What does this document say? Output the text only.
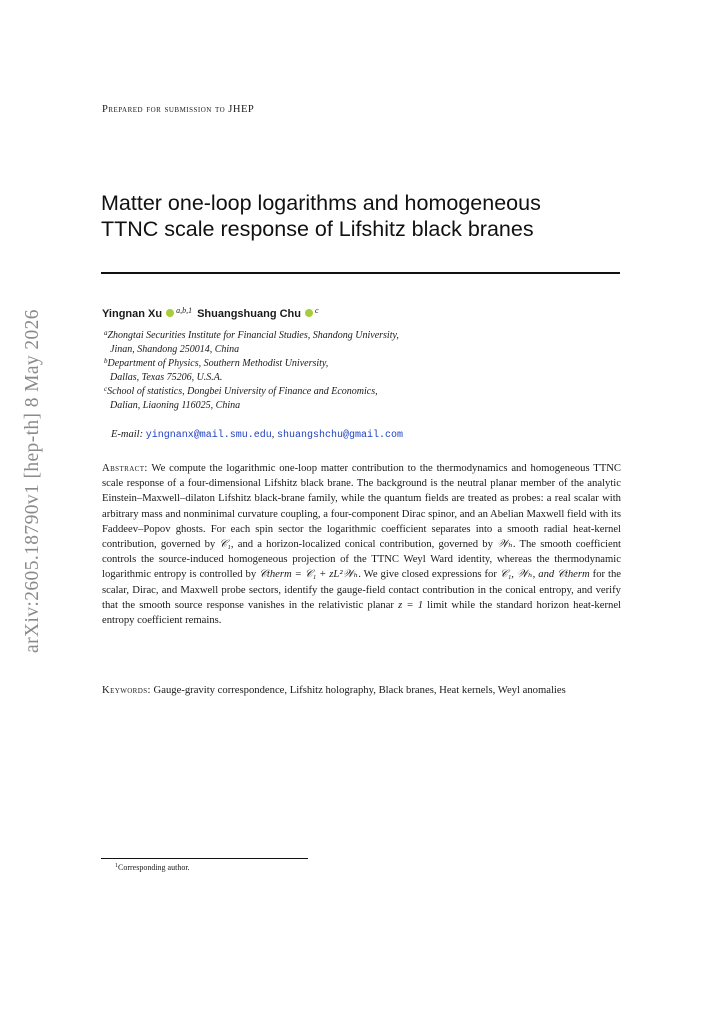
arXiv:2605.18790v1 [hep-th] 8 May 2026
Prepared for submission to JHEP
Matter one-loop logarithms and homogeneous
TTNC scale response of Lifshitz black branes
Yingnan Xu a,b,1 Shuangshuang Chu c
$^a$Zhongtai Securities Institute for Financial Studies, Shandong University,
Jinan, Shandong 250014, China
$^b$Department of Physics, Southern Methodist University,
Dallas, Texas 75206, U.S.A.
$^c$School of statistics, Dongbei University of Finance and Economics,
Dalian, Liaoning 116025, China
E-mail: yingnanx@mail.smu.edu, shuangshchu@gmail.com

Abstract: We compute the logarithmic one-loop matter contribution to the thermodynamics and homogeneous TTNC scale response of a four-dimensional Lifshitz black brane. The background is the neutral planar member of the analytic Einstein–Maxwell–dilaton Lifshitz black-brane family, while the quantum fields are treated as probes: a real scalar with arbitrary mass and nonminimal curvature coupling, a four-component Dirac spinor, and an Abelian Maxwell field with its Faddeev–Popov ghosts. For each spin sector the logarithmic coefficient separates into a smooth radial heat-kernel contribution, governed by 𝒞₁, and a horizon-localized conical contribution, governed by 𝒲ₕ. The smooth coefficient controls the source-induced homogeneous projection of the TTNC Weyl Ward identity, whereas the thermodynamic logarithmic entropy is controlled by 𝒞therm = 𝒞₁ + zL²𝒲ₕ. We give closed expressions for 𝒞₁, 𝒲ₕ, and 𝒞therm for the scalar, Dirac, and Maxwell probe sectors, identify the gauge-field contact contribution in the conical entropy, and verify that the smooth source response vanishes in the relativistic planar z = 1 limit while the standard horizon heat-kernel entropy coefficient remains.

Keywords: Gauge-gravity correspondence, Lifshitz holography, Black branes, Heat kernels, Weyl anomalies

$^1$Corresponding author.
